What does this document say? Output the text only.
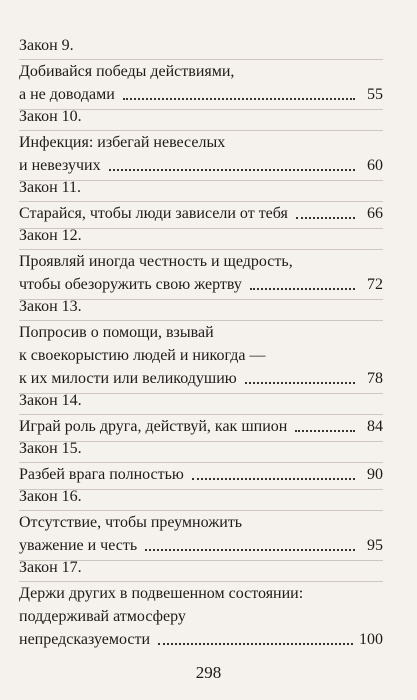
Закон 9.
Добивайся победы действиями,
а не доводами	55
Закон 10.
Инфекция: избегай невеселых
и невезучих	60
Закон 11.
Старайся, чтобы люди зависели от тебя	66
Закон 12.
Проявляй иногда честность и щедрость,
чтобы обезоружить свою жертву	72
Закон 13.
Попросив о помощи, взывай
к своекорыстию людей и никогда —
к их милости или великодушию	78
Закон 14.
Играй роль друга, действуй, как шпион	84
Закон 15.
Разбей врага полностью	90
Закон 16.
Отсутствие, чтобы преумножить
уважение и честь	95
Закон 17.
Держи других в подвешенном состоянии:
поддерживай атмосферу
непредсказуемости	100
298
